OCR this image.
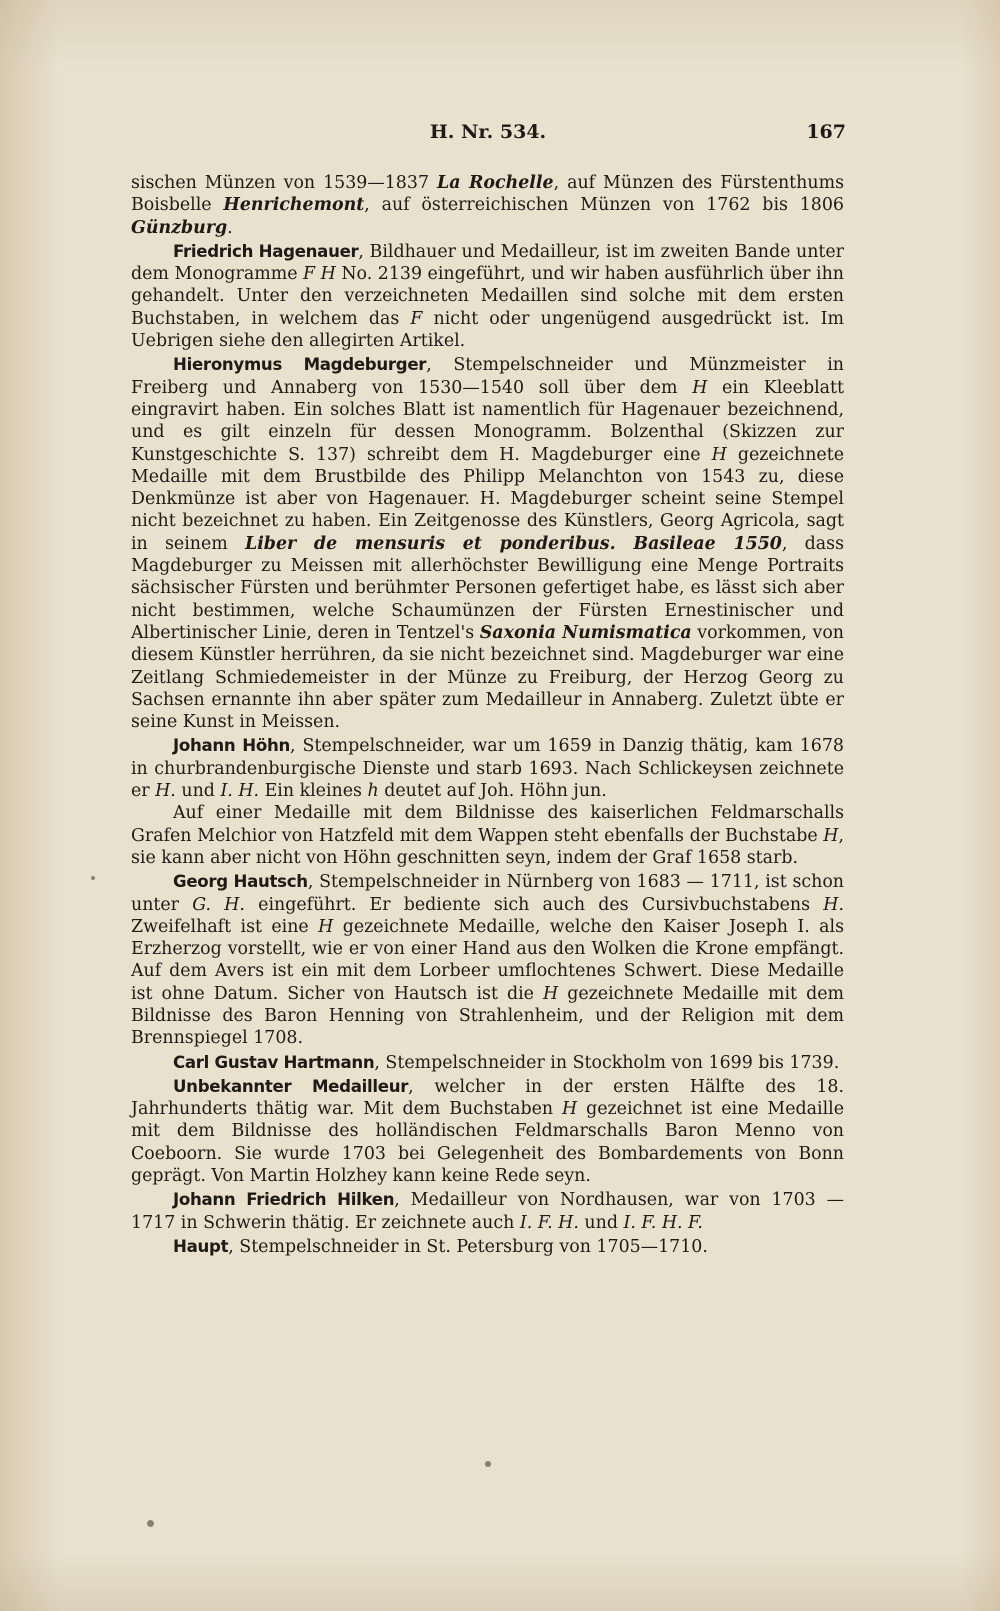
H. Nr. 534.	167

sischen Münzen von 1539—1837 La Rochelle, auf Münzen des Fürstenthums Boisbelle Henrichemont, auf österreichischen Münzen von 1762 bis 1806 Günzburg.

Friedrich Hagenauer, Bildhauer und Medailleur, ist im zweiten Bande unter dem Monogramme F H No. 2139 eingeführt, und wir haben ausführlich über ihn gehandelt. Unter den verzeichneten Medaillen sind solche mit dem ersten Buchstaben, in welchem das F nicht oder ungenügend ausgedrückt ist. Im Uebrigen siehe den allegirten Artikel.

Hieronymus Magdeburger, Stempelschneider und Münzmeister in Freiberg und Annaberg von 1530—1540 soll über dem H ein Kleeblatt eingravirt haben. Ein solches Blatt ist namentlich für Hagenauer bezeichnend, und es gilt einzeln für dessen Monogramm. Bolzenthal (Skizzen zur Kunstgeschichte S. 137) schreibt dem H. Magdeburger eine H gezeichnete Medaille mit dem Brustbilde des Philipp Melanchton von 1543 zu, diese Denkmünze ist aber von Hagenauer. H. Magdeburger scheint seine Stempel nicht bezeichnet zu haben. Ein Zeitgenosse des Künstlers, Georg Agricola, sagt in seinem Liber de mensuris et ponderibus. Basileae 1550, dass Magdeburger zu Meissen mit allerhöchster Bewilligung eine Menge Portraits sächsischer Fürsten und berühmter Personen gefertiget habe, es lässt sich aber nicht bestimmen, welche Schaumünzen der Fürsten Ernestinischer und Albertinischer Linie, deren in Tentzel's Saxonia Numismatica vorkommen, von diesem Künstler herrühren, da sie nicht bezeichnet sind. Magdeburger war eine Zeitlang Schmiedemeister in der Münze zu Freiburg, der Herzog Georg zu Sachsen ernannte ihn aber später zum Medailleur in Annaberg. Zuletzt übte er seine Kunst in Meissen.

Johann Höhn, Stempelschneider, war um 1659 in Danzig thätig, kam 1678 in churbrandenburgische Dienste und starb 1693. Nach Schlickeysen zeichnete er H. und I. H. Ein kleines h deutet auf Joh. Höhn jun.

Auf einer Medaille mit dem Bildnisse des kaiserlichen Feldmarschalls Grafen Melchior von Hatzfeld mit dem Wappen steht ebenfalls der Buchstabe H, sie kann aber nicht von Höhn geschnitten seyn, indem der Graf 1658 starb.

Georg Hautsch, Stempelschneider in Nürnberg von 1683 — 1711, ist schon unter G. H. eingeführt. Er bediente sich auch des Cursivbuchstabens H. Zweifelhaft ist eine H gezeichnete Medaille, welche den Kaiser Joseph I. als Erzherzog vorstellt, wie er von einer Hand aus den Wolken die Krone empfängt. Auf dem Avers ist ein mit dem Lorbeer umflochtenes Schwert. Diese Medaille ist ohne Datum. Sicher von Hautsch ist die H gezeichnete Medaille mit dem Bildnisse des Baron Henning von Strahlenheim, und der Religion mit dem Brennspiegel 1708.

Carl Gustav Hartmann, Stempelschneider in Stockholm von 1699 bis 1739.

Unbekannter Medailleur, welcher in der ersten Hälfte des 18. Jahrhunderts thätig war. Mit dem Buchstaben H gezeichnet ist eine Medaille mit dem Bildnisse des holländischen Feldmarschalls Baron Menno von Coeboorn. Sie wurde 1703 bei Gelegenheit des Bombardements von Bonn geprägt. Von Martin Holzhey kann keine Rede seyn.

Johann Friedrich Hilken, Medailleur von Nordhausen, war von 1703 — 1717 in Schwerin thätig. Er zeichnete auch I. F. H. und I. F. H. F.

Haupt, Stempelschneider in St. Petersburg von 1705—1710.
